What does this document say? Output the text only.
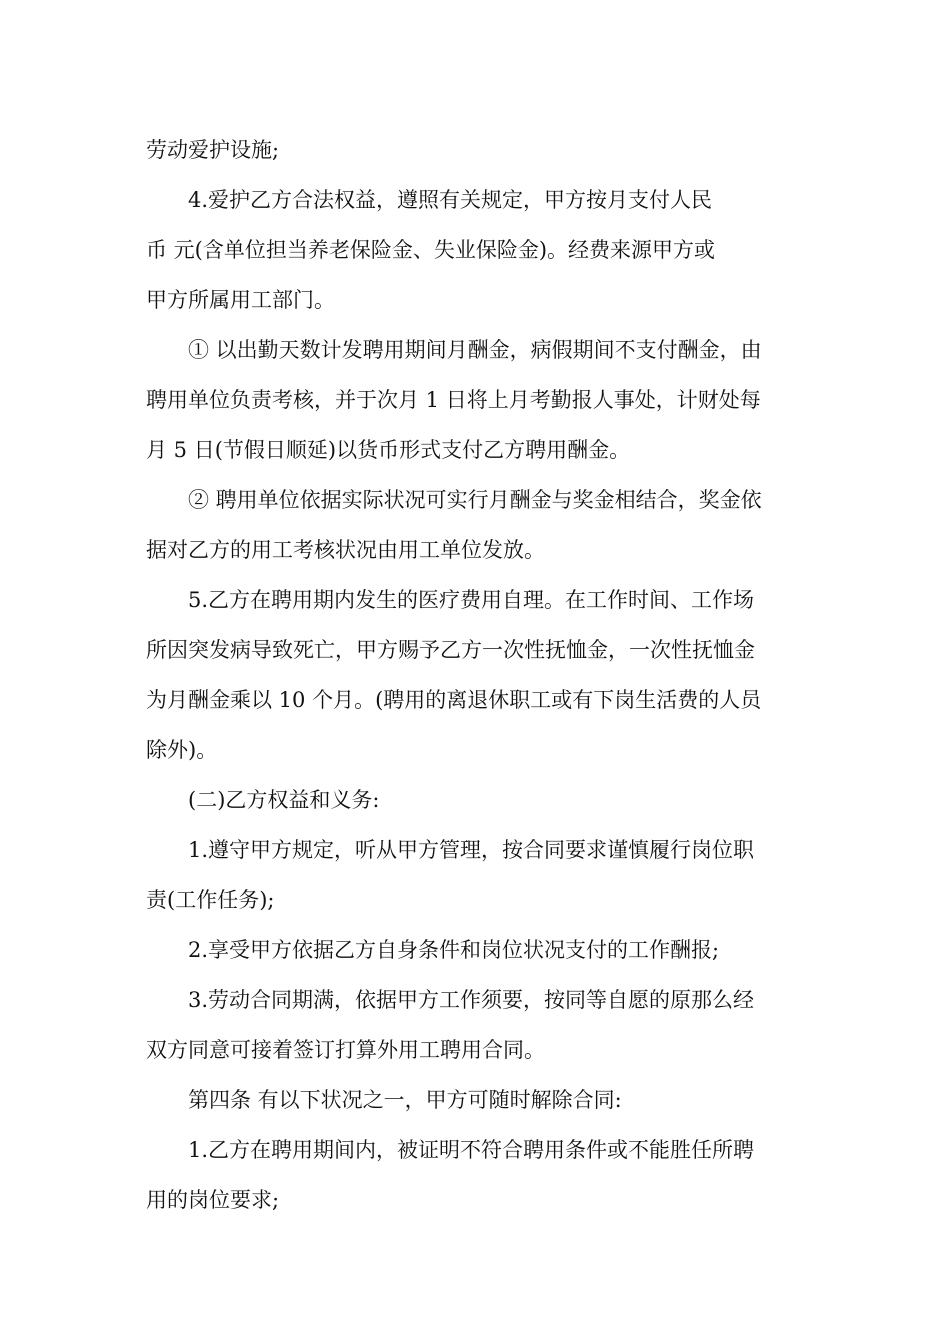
劳动爱护设施;
4.爱护乙方合法权益，遵照有关规定，甲方按月支付人民
币 元(含单位担当养老保险金、失业保险金)。经费来源甲方或
甲方所属用工部门。
① 以出勤天数计发聘用期间月酬金，病假期间不支付酬金，由
聘用单位负责考核，并于次月 1 日将上月考勤报人事处，计财处每
月 5 日(节假日顺延)以货币形式支付乙方聘用酬金。
② 聘用单位依据实际状况可实行月酬金与奖金相结合，奖金依
据对乙方的用工考核状况由用工单位发放。
5.乙方在聘用期内发生的医疗费用自理。在工作时间、工作场
所因突发病导致死亡，甲方赐予乙方一次性抚恤金，一次性抚恤金
为月酬金乘以 10 个月。(聘用的离退休职工或有下岗生活费的人员
除外)。
(二)乙方权益和义务:
1.遵守甲方规定，听从甲方管理，按合同要求谨慎履行岗位职
责(工作任务);
2.享受甲方依据乙方自身条件和岗位状况支付的工作酬报;
3.劳动合同期满，依据甲方工作须要，按同等自愿的原那么经
双方同意可接着签订打算外用工聘用合同。
第四条 有以下状况之一，甲方可随时解除合同:
1.乙方在聘用期间内，被证明不符合聘用条件或不能胜任所聘
用的岗位要求;
